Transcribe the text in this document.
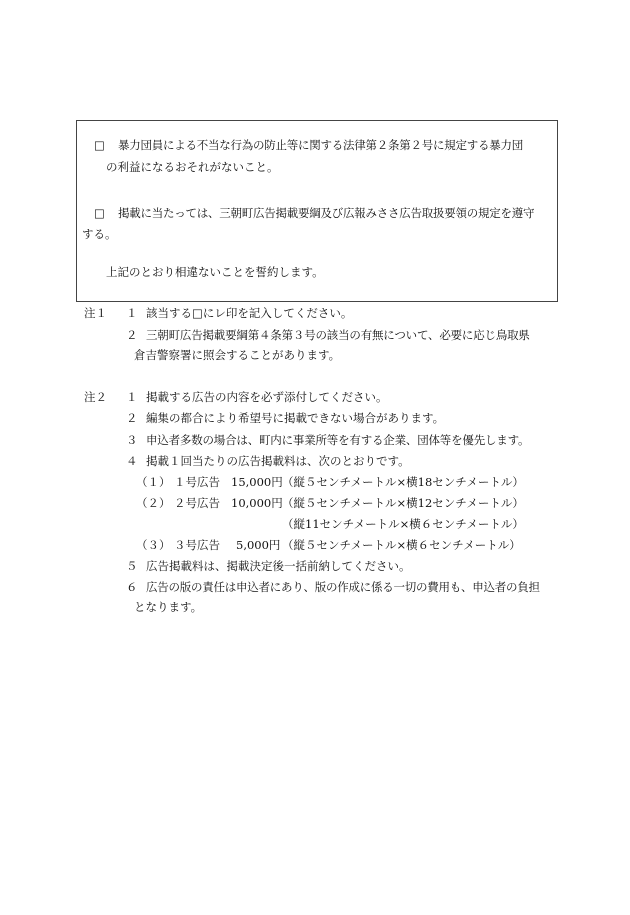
□ 暴力団員による不当な行為の防止等に関する法律第２条第２号に規定する暴力団
の利益になるおそれがないこと。
□ 掲載に当たっては、三朝町広告掲載要綱及び広報みささ広告取扱要領の規定を遵守
する。
上記のとおり相違ないことを誓約します。
注１ １ 該当する□にレ印を記入してください。
２ 三朝町広告掲載要綱第４条第３号の該当の有無について、必要に応じ鳥取県
倉吉警察署に照会することがあります。
注２ １ 掲載する広告の内容を必ず添付してください。
２ 編集の都合により希望号に掲載できない場合があります。
３ 申込者多数の場合は、町内に事業所等を有する企業、団体等を優先します。
４ 掲載１回当たりの広告掲載料は、次のとおりです。
（１） １号広告 15,000円 （縦５センチメートル×横18センチメートル）
（２） ２号広告 10,000円 （縦５センチメートル×横12センチメートル）
（縦11センチメートル×横６センチメートル）
（３） ３号広告 5,000円 （縦５センチメートル×横６センチメートル）
５ 広告掲載料は、掲載決定後一括前納してください。
６ 広告の版の責任は申込者にあり、版の作成に係る一切の費用も、申込者の負担
となります。
